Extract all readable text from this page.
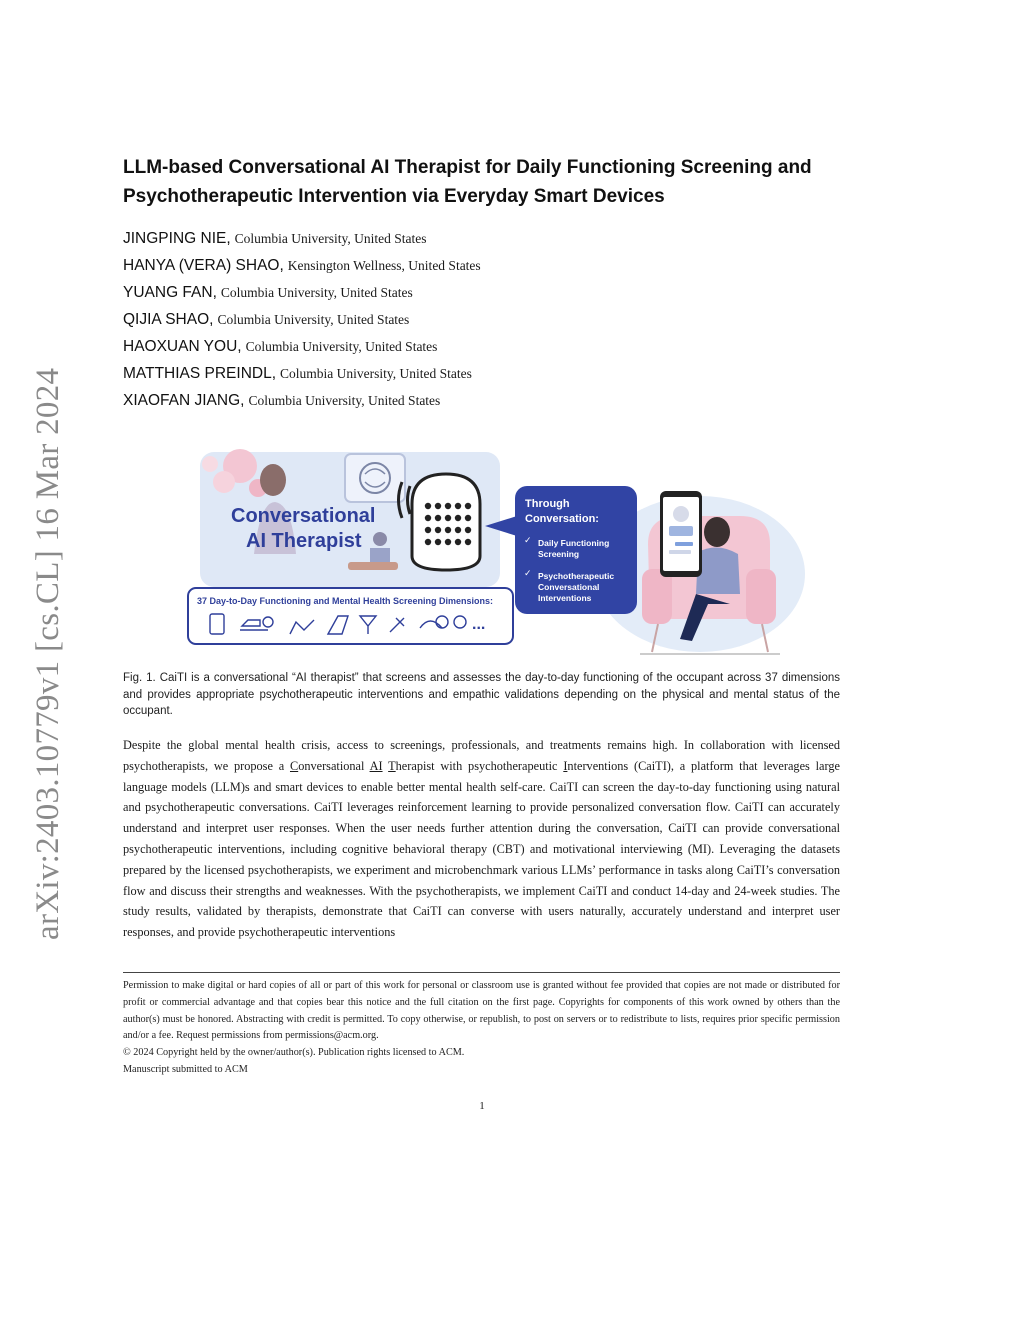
arXiv:2403.10779v1 [cs.CL] 16 Mar 2024
LLM-based Conversational AI Therapist for Daily Functioning Screening and Psychotherapeutic Intervention via Everyday Smart Devices
JINGPING NIE, Columbia University, United States
HANYA (VERA) SHAO, Kensington Wellness, United States
YUANG FAN, Columbia University, United States
QIJIA SHAO, Columbia University, United States
HAOXUAN YOU, Columbia University, United States
MATTHIAS PREINDL, Columbia University, United States
XIAOFAN JIANG, Columbia University, United States
Conversational
AI Therapist
37 Day-to-Day Functioning and Mental Health Screening Dimensions:
...
Through
Conversation:
✓ Daily Functioning
Screening
✓ Psychotherapeutic
Conversational
Interventions
Fig. 1. CaiTI is a conversational “AI therapist” that screens and assesses the day-to-day functioning of the occupant across 37 dimensions and provides appropriate psychotherapeutic interventions and empathic validations depending on the physical and mental status of the occupant.
Despite the global mental health crisis, access to screenings, professionals, and treatments remains high. In collaboration with licensed psychotherapists, we propose a Conversational AI Therapist with psychotherapeutic Interventions (CaiTI), a platform that leverages large language models (LLM)s and smart devices to enable better mental health self-care. CaiTI can screen the day-to-day functioning using natural and psychotherapeutic conversations. CaiTI leverages reinforcement learning to provide personalized conversation flow. CaiTI can accurately understand and interpret user responses. When the user needs further attention during the conversation, CaiTI can provide conversational psychotherapeutic interventions, including cognitive behavioral therapy (CBT) and motivational interviewing (MI). Leveraging the datasets prepared by the licensed psychotherapists, we experiment and microbenchmark various LLMs’ performance in tasks along CaiTI’s conversation flow and discuss their strengths and weaknesses. With the psychotherapists, we implement CaiTI and conduct 14-day and 24-week studies. The study results, validated by therapists, demonstrate that CaiTI can converse with users naturally, accurately understand and interpret user responses, and provide psychotherapeutic interventions

Permission to make digital or hard copies of all or part of this work for personal or classroom use is granted without fee provided that copies are not made or distributed for profit or commercial advantage and that copies bear this notice and the full citation on the first page. Copyrights for components of this work owned by others than the author(s) must be honored. Abstracting with credit is permitted. To copy otherwise, or republish, to post on servers or to redistribute to lists, requires prior specific permission and/or a fee. Request permissions from permissions@acm.org.

© 2024 Copyright held by the owner/author(s). Publication rights licensed to ACM.

Manuscript submitted to ACM

1
